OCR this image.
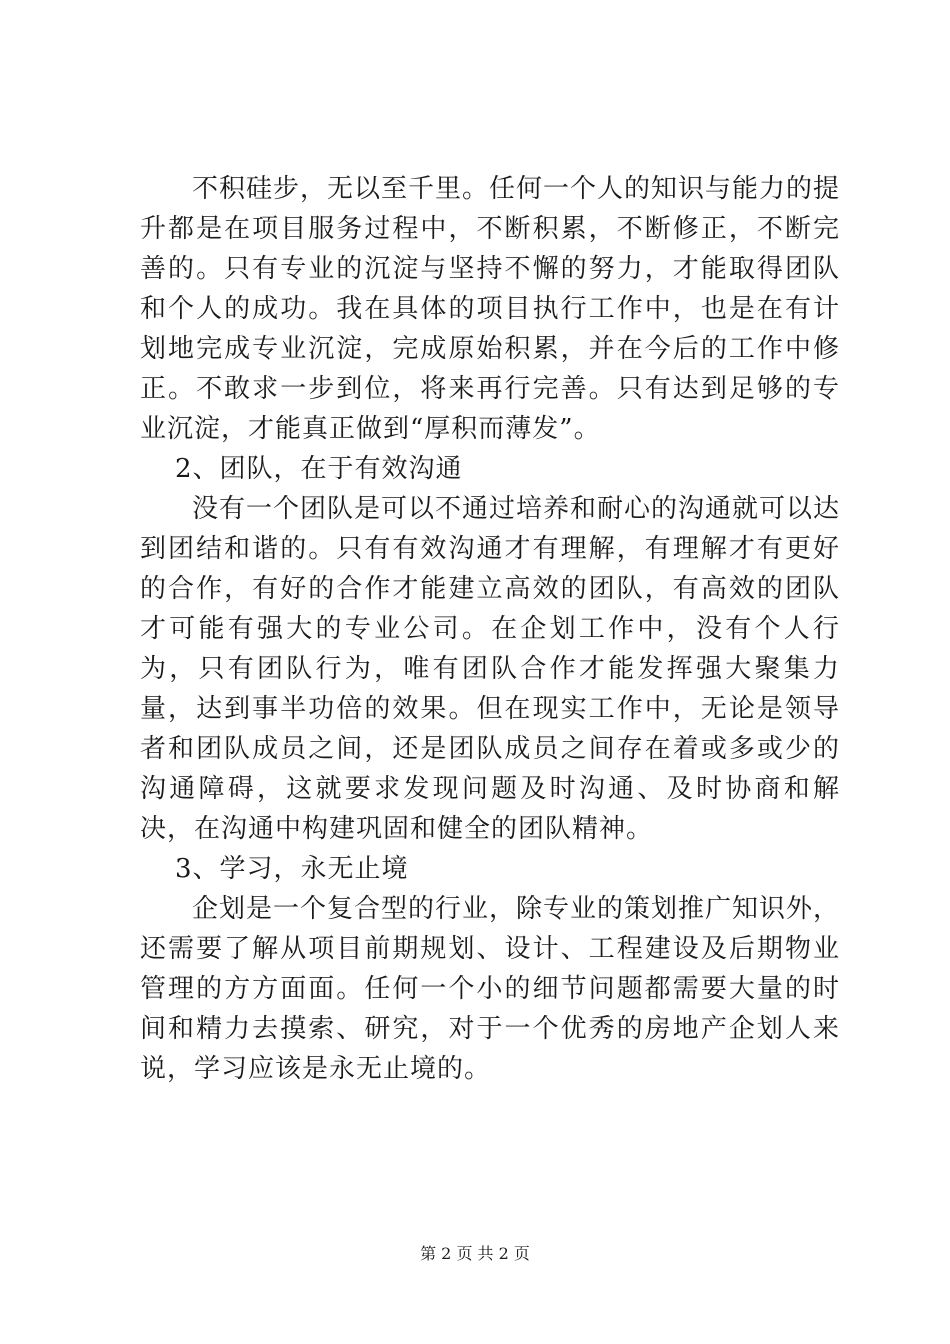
不积硅步，无以至千里。任何一个人的知识与能力的提升都是在项目服务过程中，不断积累，不断修正，不断完善的。只有专业的沉淀与坚持不懈的努力，才能取得团队和个人的成功。我在具体的项目执行工作中，也是在有计划地完成专业沉淀，完成原始积累，并在今后的工作中修正。不敢求一步到位，将来再行完善。只有达到足够的专业沉淀，才能真正做到“厚积而薄发”。

2、团队，在于有效沟通

没有一个团队是可以不通过培养和耐心的沟通就可以达到团结和谐的。只有有效沟通才有理解，有理解才有更好的合作，有好的合作才能建立高效的团队，有高效的团队才可能有强大的专业公司。在企划工作中，没有个人行为，只有团队行为，唯有团队合作才能发挥强大聚集力量，达到事半功倍的效果。但在现实工作中，无论是领导者和团队成员之间，还是团队成员之间存在着或多或少的沟通障碍，这就要求发现问题及时沟通、及时协商和解决，在沟通中构建巩固和健全的团队精神。

3、学习，永无止境

企划是一个复合型的行业，除专业的策划推广知识外，还需要了解从项目前期规划、设计、工程建设及后期物业管理的方方面面。任何一个小的细节问题都需要大量的时间和精力去摸索、研究，对于一个优秀的房地产企划人来说，学习应该是永无止境的。

第 2 页 共 2 页
